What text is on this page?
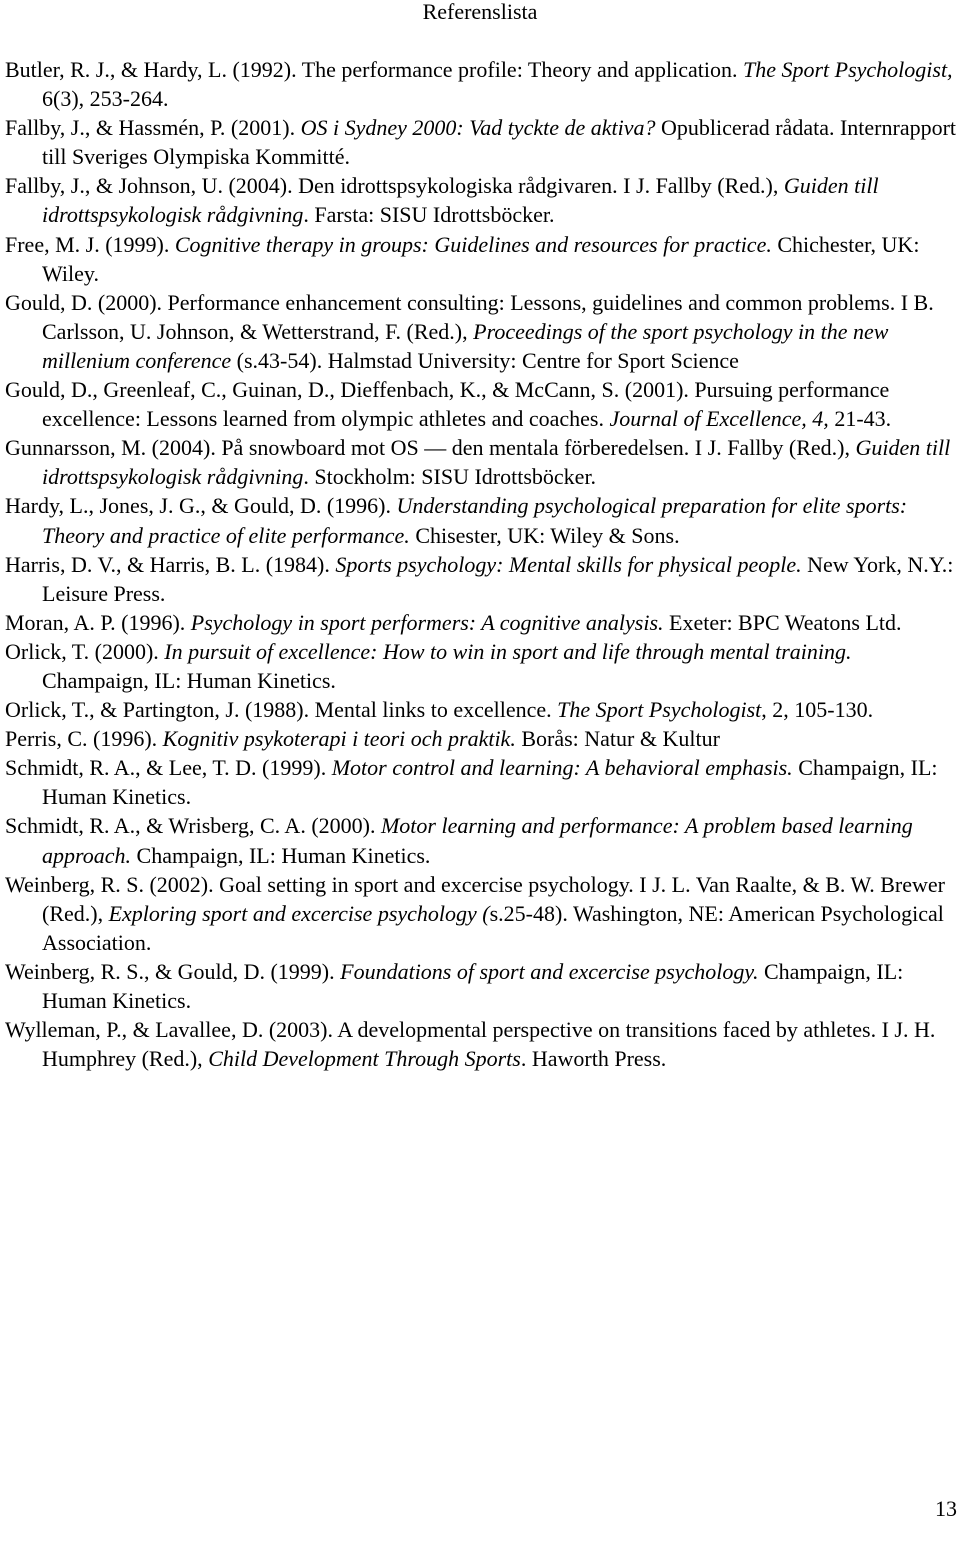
Referenslista
Butler, R. J., & Hardy, L. (1992). The performance profile: Theory and application. The Sport Psychologist, 6(3), 253-264.
Fallby, J., & Hassmén, P. (2001). OS i Sydney 2000: Vad tyckte de aktiva? Opublicerad rådata. Internrapport till Sveriges Olympiska Kommitté.
Fallby, J., & Johnson, U. (2004). Den idrottspsykologiska rådgivaren. I J. Fallby (Red.), Guiden till idrottspsykologisk rådgivning. Farsta: SISU Idrottsböcker.
Free, M. J. (1999). Cognitive therapy in groups: Guidelines and resources for practice. Chichester, UK: Wiley.
Gould, D. (2000). Performance enhancement consulting: Lessons, guidelines and common problems. I B. Carlsson, U. Johnson, & Wetterstrand, F. (Red.), Proceedings of the sport psychology in the new millenium conference (s.43-54). Halmstad University: Centre for Sport Science
Gould, D., Greenleaf, C., Guinan, D., Dieffenbach, K., & McCann, S. (2001). Pursuing performance excellence: Lessons learned from olympic athletes and coaches. Journal of Excellence, 4, 21-43.
Gunnarsson, M. (2004). På snowboard mot OS — den mentala förberedelsen. I J. Fallby (Red.), Guiden till idrottspsykologisk rådgivning. Stockholm: SISU Idrottsböcker.
Hardy, L., Jones, J. G., & Gould, D. (1996). Understanding psychological preparation for elite sports: Theory and practice of elite performance. Chisester, UK: Wiley & Sons.
Harris, D. V., & Harris, B. L. (1984). Sports psychology: Mental skills for physical people. New York, N.Y.: Leisure Press.
Moran, A. P. (1996). Psychology in sport performers: A cognitive analysis. Exeter: BPC Weatons Ltd.
Orlick, T. (2000). In pursuit of excellence: How to win in sport and life through mental training. Champaign, IL: Human Kinetics.
Orlick, T., & Partington, J. (1988). Mental links to excellence. The Sport Psychologist, 2, 105-130.
Perris, C. (1996). Kognitiv psykoterapi i teori och praktik. Borås: Natur & Kultur
Schmidt, R. A., & Lee, T. D. (1999). Motor control and learning: A behavioral emphasis. Champaign, IL: Human Kinetics.
Schmidt, R. A., & Wrisberg, C. A. (2000). Motor learning and performance: A problem based learning approach. Champaign, IL: Human Kinetics.
Weinberg, R. S. (2002). Goal setting in sport and excercise psychology. I J. L. Van Raalte, & B. W. Brewer (Red.), Exploring sport and excercise psychology (s.25-48). Washington, NE: American Psychological Association.
Weinberg, R. S., & Gould, D. (1999). Foundations of sport and excercise psychology. Champaign, IL: Human Kinetics.
Wylleman, P., & Lavallee, D. (2003). A developmental perspective on transitions faced by athletes. I J. H. Humphrey (Red.), Child Development Through Sports. Haworth Press.
13
